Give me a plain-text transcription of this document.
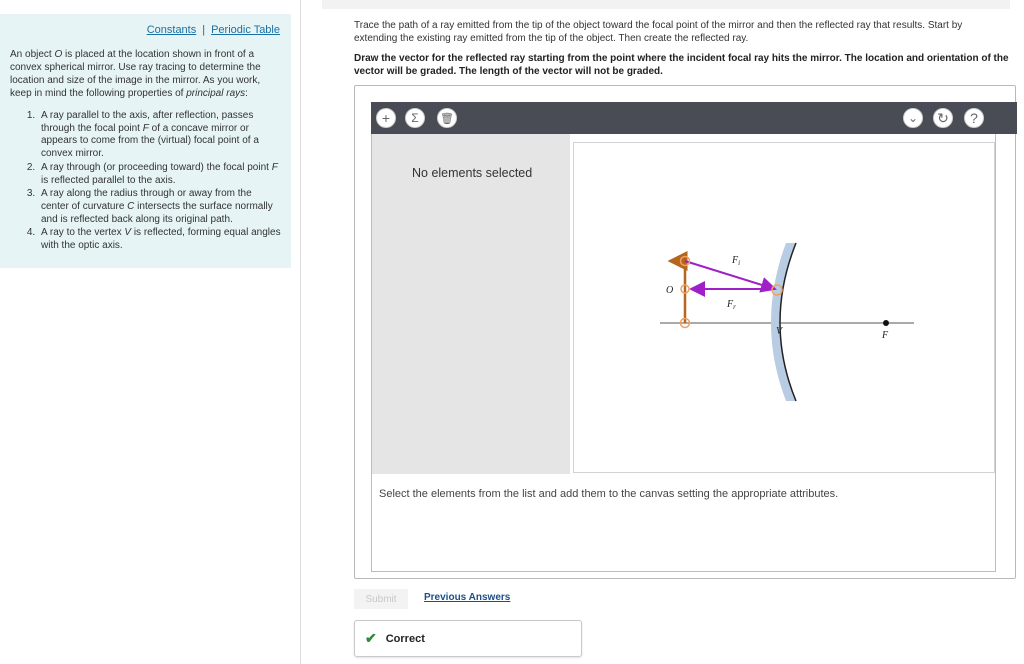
Constants | Periodic Table

An object O is placed at the location shown in front of a convex spherical mirror. Use ray tracing to determine the location and size of the image in the mirror. As you work, keep in mind the following properties of principal rays:

1. A ray parallel to the axis, after reflection, passes through the focal point F of a concave mirror or appears to come from the (virtual) focal point of a convex mirror.
2. A ray through (or proceeding toward) the focal point F is reflected parallel to the axis.
3. A ray along the radius through or away from the center of curvature C intersects the surface normally and is reflected back along its original path.
4. A ray to the vertex V is reflected, forming equal angles with the optic axis.
Trace the path of a ray emitted from the tip of the object toward the focal point of the mirror and then the reflected ray that results. Start by extending the existing ray emitted from the tip of the object. Then create the reflected ray.
Draw the vector for the reflected ray starting from the point where the incident focal ray hits the mirror. The location and orientation of the vector will be graded. The length of the vector will not be graded.
+ Σ 🗑	⌄ ↻ ?
No elements selected
O
$F_i$
$F_r$
V	F
Select the elements from the list and add them to the canvas setting the appropriate attributes.
Submit	Previous Answers
✔ Correct
